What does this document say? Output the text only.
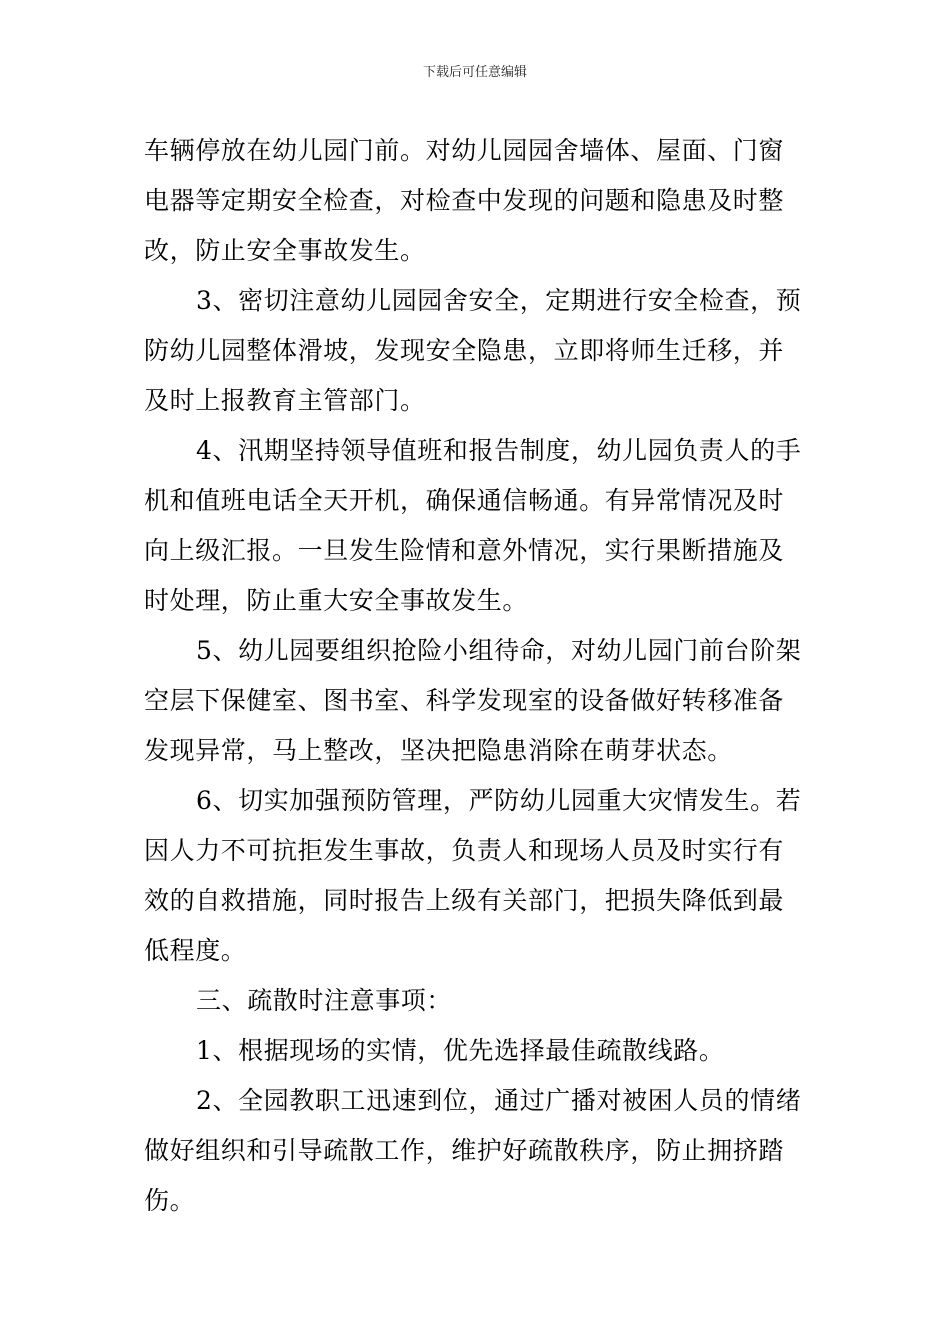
下载后可任意编辑
车辆停放在幼儿园门前。对幼儿园园舍墙体、屋面、门窗
电器等定期安全检查，对检查中发现的问题和隐患及时整
改，防止安全事故发生。
3、密切注意幼儿园园舍安全，定期进行安全检查，预
防幼儿园整体滑坡，发现安全隐患，立即将师生迁移，并
及时上报教育主管部门。
4、汛期坚持领导值班和报告制度，幼儿园负责人的手
机和值班电话全天开机，确保通信畅通。有异常情况及时
向上级汇报。一旦发生险情和意外情况，实行果断措施及
时处理，防止重大安全事故发生。
5、幼儿园要组织抢险小组待命，对幼儿园门前台阶架
空层下保健室、图书室、科学发现室的设备做好转移准备
发现异常，马上整改，坚决把隐患消除在萌芽状态。
6、切实加强预防管理，严防幼儿园重大灾情发生。若
因人力不可抗拒发生事故，负责人和现场人员及时实行有
效的自救措施，同时报告上级有关部门，把损失降低到最
低程度。
三、疏散时注意事项：
1、根据现场的实情，优先选择最佳疏散线路。
2、全园教职工迅速到位，通过广播对被困人员的情绪
做好组织和引导疏散工作，维护好疏散秩序，防止拥挤踏
伤。
